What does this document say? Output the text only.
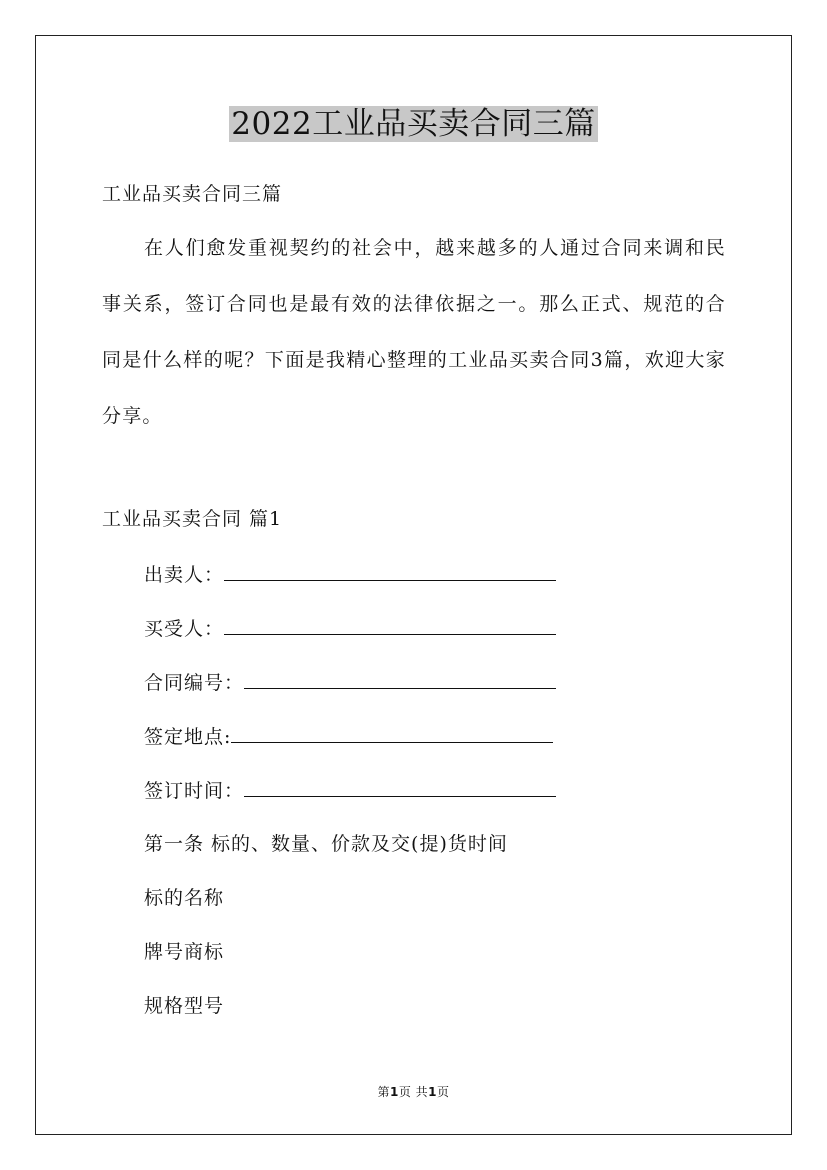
2022工业品买卖合同三篇
工业品买卖合同三篇
在人们愈发重视契约的社会中，越来越多的人通过合同来调和民事关系，签订合同也是最有效的法律依据之一。那么正式、规范的合同是什么样的呢？下面是我精心整理的工业品买卖合同3篇，欢迎大家分享。
工业品买卖合同 篇1
出卖人：
买受人：
合同编号：
签定地点:
签订时间：
第一条 标的、数量、价款及交(提)货时间
标的名称
牌号商标
规格型号
第1页 共1页
